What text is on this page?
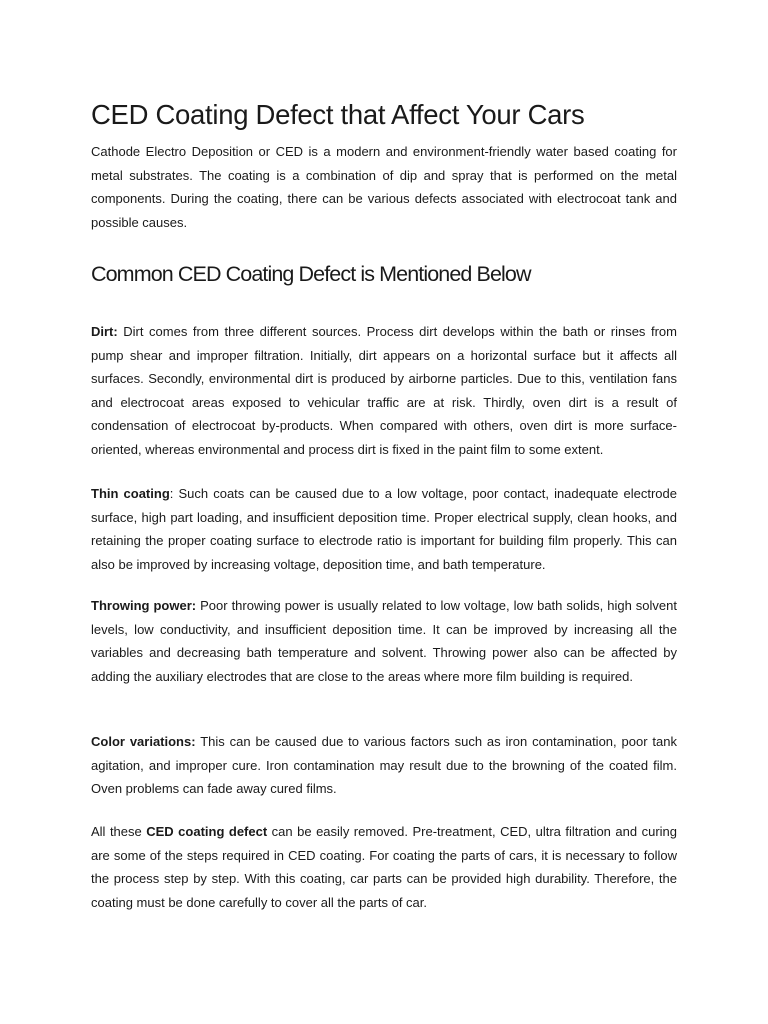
CED Coating Defect that Affect Your Cars

Cathode Electro Deposition or CED is a modern and environment-friendly water based coating for metal substrates. The coating is a combination of dip and spray that is performed on the metal components. During the coating, there can be various defects associated with electrocoat tank and possible causes.

Common CED Coating Defect is Mentioned Below

Dirt: Dirt comes from three different sources. Process dirt develops within the bath or rinses from pump shear and improper filtration. Initially, dirt appears on a horizontal surface but it affects all surfaces. Secondly, environmental dirt is produced by airborne particles. Due to this, ventilation fans and electrocoat areas exposed to vehicular traffic are at risk. Thirdly, oven dirt is a result of condensation of electrocoat by-products. When compared with others, oven dirt is more surface-oriented, whereas environmental and process dirt is fixed in the paint film to some extent.

Thin coating: Such coats can be caused due to a low voltage, poor contact, inadequate electrode surface, high part loading, and insufficient deposition time. Proper electrical supply, clean hooks, and retaining the proper coating surface to electrode ratio is important for building film properly. This can also be improved by increasing voltage, deposition time, and bath temperature.

Throwing power: Poor throwing power is usually related to low voltage, low bath solids, high solvent levels, low conductivity, and insufficient deposition time. It can be improved by increasing all the variables and decreasing bath temperature and solvent. Throwing power also can be affected by adding the auxiliary electrodes that are close to the areas where more film building is required.

Color variations: This can be caused due to various factors such as iron contamination, poor tank agitation, and improper cure. Iron contamination may result due to the browning of the coated film. Oven problems can fade away cured films.

All these CED coating defect can be easily removed. Pre-treatment, CED, ultra filtration and curing are some of the steps required in CED coating. For coating the parts of cars, it is necessary to follow the process step by step. With this coating, car parts can be provided high durability. Therefore, the coating must be done carefully to cover all the parts of car.
